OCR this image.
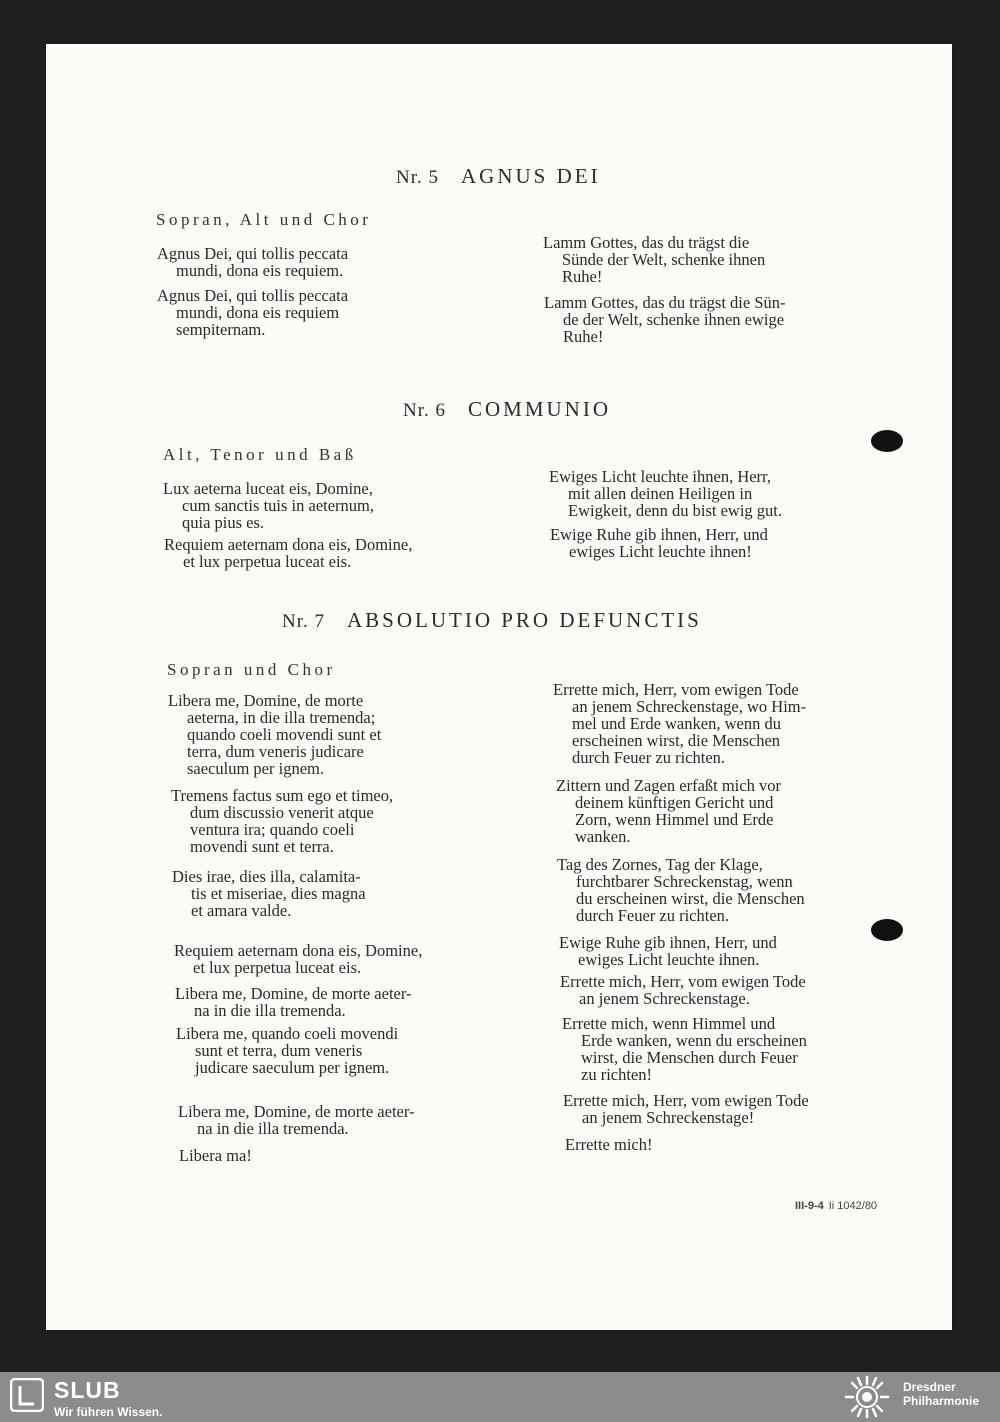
Nr. 5 AGNUS DEI
Sopran, Alt und Chor
Agnus Dei, qui tollis peccata
mundi, dona eis requiem.
Agnus Dei, qui tollis peccata
mundi, dona eis requiem
sempiternam.
Lamm Gottes, das du trägst die
Sünde der Welt, schenke ihnen
Ruhe!
Lamm Gottes, das du trägst die Sün-
de der Welt, schenke ihnen ewige
Ruhe!
Nr. 6 COMMUNIO
Alt, Tenor und Baß
Lux aeterna luceat eis, Domine,
cum sanctis tuis in aeternum,
quia pius es.
Requiem aeternam dona eis, Domine,
et lux perpetua luceat eis.
Ewiges Licht leuchte ihnen, Herr,
mit allen deinen Heiligen in
Ewigkeit, denn du bist ewig gut.
Ewige Ruhe gib ihnen, Herr, und
ewiges Licht leuchte ihnen!
Nr. 7 ABSOLUTIO PRO DEFUNCTIS
Sopran und Chor
Libera me, Domine, de morte
aeterna, in die illa tremenda;
quando coeli movendi sunt et
terra, dum veneris judicare
saeculum per ignem.
Tremens factus sum ego et timeo,
dum discussio venerit atque
ventura ira; quando coeli
movendi sunt et terra.
Dies irae, dies illa, calamita-
tis et miseriae, dies magna
et amara valde.
Requiem aeternam dona eis, Domine,
et lux perpetua luceat eis.
Libera me, Domine, de morte aeter-
na in die illa tremenda.
Libera me, quando coeli movendi
sunt et terra, dum veneris
judicare saeculum per ignem.
Libera me, Domine, de morte aeter-
na in die illa tremenda.
Libera ma!
Errette mich, Herr, vom ewigen Tode
an jenem Schreckenstage, wo Him-
mel und Erde wanken, wenn du
erscheinen wirst, die Menschen
durch Feuer zu richten.
Zittern und Zagen erfaßt mich vor
deinem künftigen Gericht und
Zorn, wenn Himmel und Erde
wanken.
Tag des Zornes, Tag der Klage,
furchtbarer Schreckenstag, wenn
du erscheinen wirst, die Menschen
durch Feuer zu richten.
Ewige Ruhe gib ihnen, Herr, und
ewiges Licht leuchte ihnen.
Errette mich, Herr, vom ewigen Tode
an jenem Schreckenstage.
Errette mich, wenn Himmel und
Erde wanken, wenn du erscheinen
wirst, die Menschen durch Feuer
zu richten!
Errette mich, Herr, vom ewigen Tode
an jenem Schreckenstage!
Errette mich!
III-9-4 Ii 1042/80
SLUB
Wir führen Wissen.
Dresdner
Philharmonie
